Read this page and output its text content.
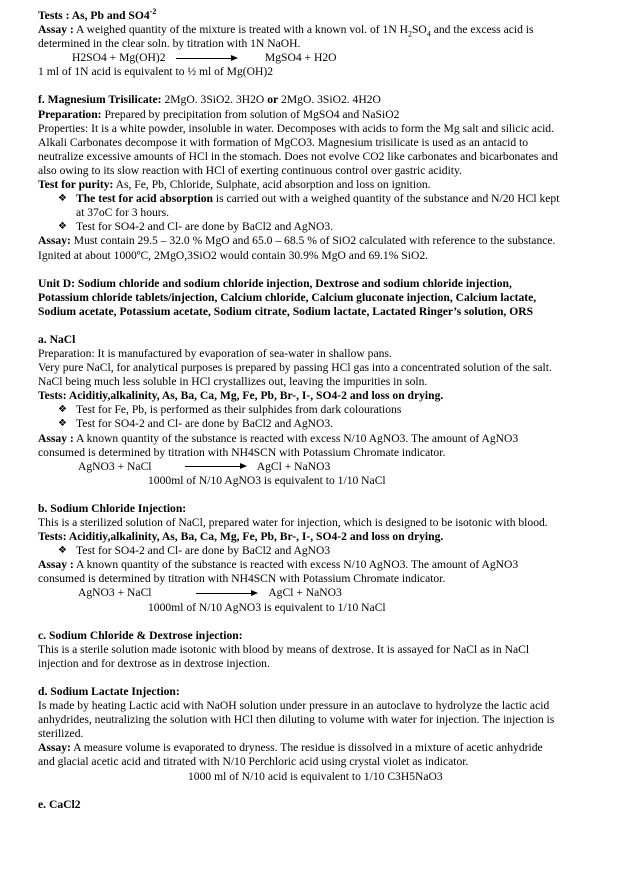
Tests : As, Pb and $SO4^{-2}$

Assay : A weighed quantity of the mixture is treated with a known vol. of 1N $H_2SO_4$ and the excess acid is

determined in the clear soln. by titration with 1N NaOH.

H2SO4 + Mg(OH)2	MgSO4 + H2O

1 ml of 1N acid is equivalent to ½ ml of Mg(OH)2

f. Magnesium Trisilicate: 2MgO. 3SiO2. 3H2O or 2MgO. 3SiO2. 4H2O

Preparation: Prepared by precipitation from solution of MgSO4 and NaSiO2

Properties: It is a white powder, insoluble in water. Decomposes with acids to form the Mg salt and silicic acid.

Alkali Carbonates decompose it with formation of MgCO3. Magnesium trisilicate is used as an antacid to

neutralize excessive amounts of HCl in the stomach. Does not evolve CO2 like carbonates and bicarbonates and

also owing to its slow reaction with HCl of exerting continuous control over gastric acidity.

Test for purity: As, Fe, Pb, Chloride, Sulphate, acid absorption and loss on ignition.

❖ The test for acid absorption is carried out with a weighed quantity of the substance and N/20 HCl kept
at 37oC for 3 hours.

❖ Test for SO4-2 and Cl- are done by BaCl2 and AgNO3.

Assay: Must contain 29.5 – 32.0 % MgO and 65.0 – 68.5 % of SiO2 calculated with reference to the substance.

Ignited at about 1000ºC, 2MgO,3SiO2 would contain 30.9% MgO and 69.1% SiO2.

Unit D: Sodium chloride and sodium chloride injection, Dextrose and sodium chloride injection,

Potassium chloride tablets/injection, Calcium chloride, Calcium gluconate injection, Calcium lactate,

Sodium acetate, Potassium acetate, Sodium citrate, Sodium lactate, Lactated Ringer’s solution, ORS

a. NaCl

Preparation: It is manufactured by evaporation of sea-water in shallow pans.

Very pure NaCl, for analytical purposes is prepared by passing HCl gas into a concentrated solution of the salt.

NaCl being much less soluble in HCl crystallizes out, leaving the impurities in soln.

Tests: Aciditiy,alkalinity, As, Ba, Ca, Mg, Fe, Pb, Br-, I-, SO4-2 and loss on drying.

❖ Test for Fe, Pb, is performed as their sulphides from dark colourations

❖ Test for SO4-2 and Cl- are done by BaCl2 and AgNO3.

Assay : A known quantity of the substance is reacted with excess N/10 AgNO3. The amount of AgNO3

consumed is determined by titration with NH4SCN with Potassium Chromate indicator.

AgNO3 + NaCl	AgCl + NaNO3

1000ml of N/10 AgNO3 is equivalent to 1/10 NaCl

b. Sodium Chloride Injection:

This is a sterilized solution of NaCl, prepared water for injection, which is designed to be isotonic with blood.

Tests: Aciditiy,alkalinity, As, Ba, Ca, Mg, Fe, Pb, Br-, I-, SO4-2 and loss on drying.

❖ Test for SO4-2 and Cl- are done by BaCl2 and AgNO3

Assay : A known quantity of the substance is reacted with excess N/10 AgNO3. The amount of AgNO3

consumed is determined by titration with NH4SCN with Potassium Chromate indicator.

AgNO3 + NaCl	AgCl + NaNO3

1000ml of N/10 AgNO3 is equivalent to 1/10 NaCl

c. Sodium Chloride & Dextrose injection:

This is a sterile solution made isotonic with blood by means of dextrose. It is assayed for NaCl as in NaCl

injection and for dextrose as in dextrose injection.

d. Sodium Lactate Injection:

Is made by heating Lactic acid with NaOH solution under pressure in an autoclave to hydrolyze the lactic acid

anhydrides, neutralizing the solution with HCl then diluting to volume with water for injection. The injection is

sterilized.

Assay: A measure volume is evaporated to dryness. The residue is dissolved in a mixture of acetic anhydride

and glacial acetic acid and titrated with N/10 Perchloric acid using crystal violet as indicator.

1000 ml of N/10 acid is equivalent to 1/10 C3H5NaO3

e. CaCl2
